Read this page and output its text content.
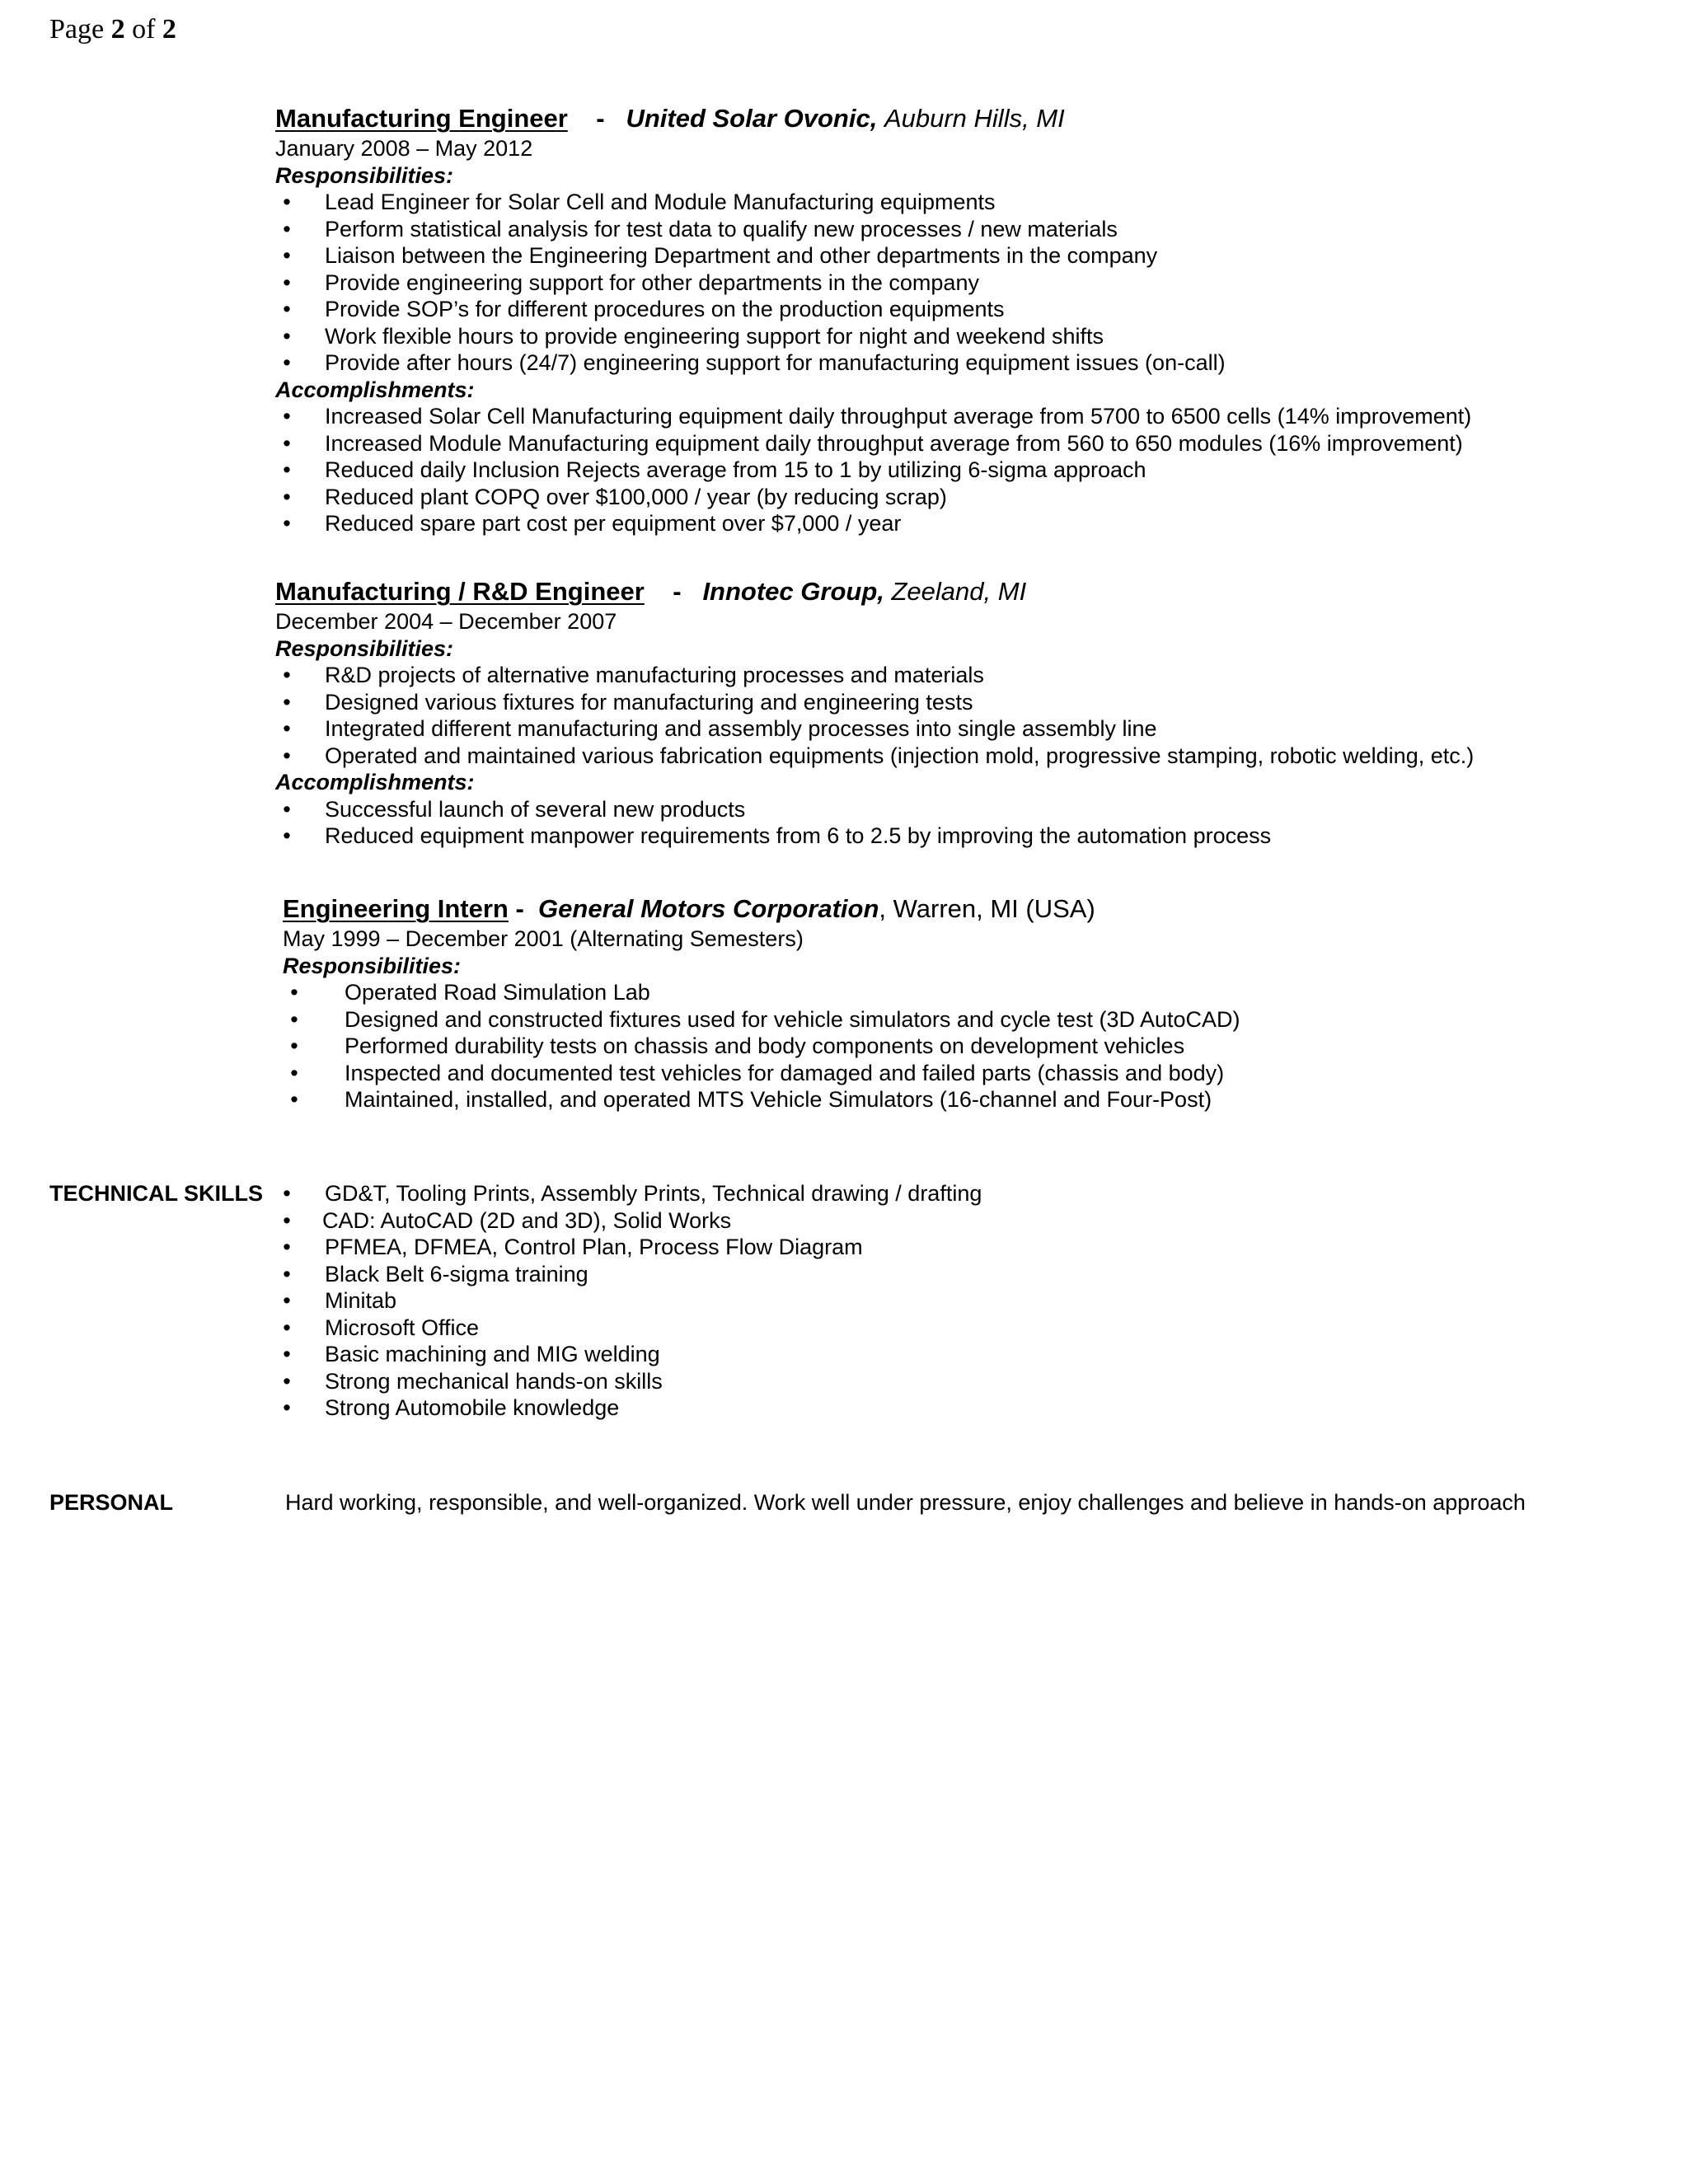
Page 2 of 2
Manufacturing Engineer - United Solar Ovonic, Auburn Hills, MI
January 2008 – May 2012
Responsibilities:
• Lead Engineer for Solar Cell and Module Manufacturing equipments
• Perform statistical analysis for test data to qualify new processes / new materials
• Liaison between the Engineering Department and other departments in the company
• Provide engineering support for other departments in the company
• Provide SOP’s for different procedures on the production equipments
• Work flexible hours to provide engineering support for night and weekend shifts
• Provide after hours (24/7) engineering support for manufacturing equipment issues (on-call)
Accomplishments:
• Increased Solar Cell Manufacturing equipment daily throughput average from 5700 to 6500 cells (14% improvement)
• Increased Module Manufacturing equipment daily throughput average from 560 to 650 modules (16% improvement)
• Reduced daily Inclusion Rejects average from 15 to 1 by utilizing 6-sigma approach
• Reduced plant COPQ over $100,000 / year (by reducing scrap)
• Reduced spare part cost per equipment over $7,000 / year
Manufacturing / R&D Engineer - Innotec Group, Zeeland, MI
December 2004 – December 2007
Responsibilities:
• R&D projects of alternative manufacturing processes and materials
• Designed various fixtures for manufacturing and engineering tests
• Integrated different manufacturing and assembly processes into single assembly line
• Operated and maintained various fabrication equipments (injection mold, progressive stamping, robotic welding, etc.)
Accomplishments:
• Successful launch of several new products
• Reduced equipment manpower requirements from 6 to 2.5 by improving the automation process
Engineering Intern - General Motors Corporation, Warren, MI (USA)
May 1999 – December 2001 (Alternating Semesters)
Responsibilities:
• Operated Road Simulation Lab
• Designed and constructed fixtures used for vehicle simulators and cycle test (3D AutoCAD)
• Performed durability tests on chassis and body components on development vehicles
• Inspected and documented test vehicles for damaged and failed parts (chassis and body)
• Maintained, installed, and operated MTS Vehicle Simulators (16-channel and Four-Post)
TECHNICAL SKILLS • GD&T, Tooling Prints, Assembly Prints, Technical drawing / drafting
• CAD: AutoCAD (2D and 3D), Solid Works
• PFMEA, DFMEA, Control Plan, Process Flow Diagram
• Black Belt 6-sigma training
• Minitab
• Microsoft Office
• Basic machining and MIG welding
• Strong mechanical hands-on skills
• Strong Automobile knowledge
PERSONAL	Hard working, responsible, and well-organized. Work well under pressure, enjoy challenges and believe in hands-on approach
